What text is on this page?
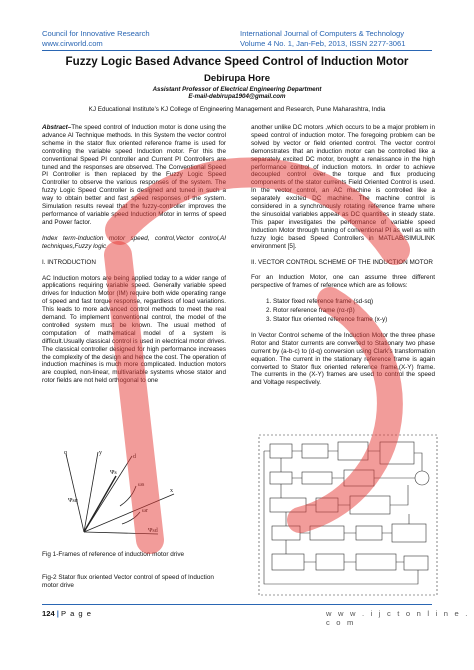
Council for Innovative Research
www.cirworld.com
International Journal of Computers & Technology
Volume 4 No. 1, Jan-Feb, 2013, ISSN 2277-3061
Fuzzy Logic Based Advance Speed Control of Induction Motor
Debirupa Hore
Assistant Professor of Electrical Engineering Department
E-mail-debirupa1904@gmail.com
KJ Educational Institute’s KJ College of Engineering Management and Research, Pune Maharashtra, India

Abstract–The speed control of Induction motor is done using the advance AI Technique methods. In this System the vector control scheme in the stator flux oriented reference frame is used for controlling the variable speed Induction motor. For this the conventional Speed PI controller and Current PI Controllers are tuned and the responses are observed. The Conventional Speed PI Controller is then replaced by the Fuzzy Logic Speed Controller to observe the various responses of the system. The fuzzy Logic Speed Controller is designed and tuned in such a way to obtain better and fast speed responses of the system. Simulation results reveal that the fuzzy-controller improves the performance of variable speed Induction Motor in terms of speed and Power factor.

Index term-Induction motor speed, control,Vector control,AI techniques,Fuzzy logic

I. INTRODUCTION

AC Induction motors are being applied today to a wider range of applications requiring variable speed. Generally variable speed drives for Induction Motor (IM) require both wide operating range of speed and fast torque response, regardless of load variations. This leads to more advanced control methods to meet the real demand. To implement conventional control, the model of the controlled system must be known. The usual method of computation of mathematical model of a system is difficult.Usually classical control is used in electrical motor drives. The classical controller designed for high performance increases the complexity of the design and hence the cost. The operation of induction machines is much more complicated. Induction motors are coupled, non-linear, multivariable systems whose stator and rotor fields are not held orthogonal to one

q	y
d
x
Ψs
Ψsq
Ψsd
ωs
ωr
Fig 1-Frames of reference of induction motor drive
Fig-2 Stator flux oriented Vector control of speed of Induction motor drive

another unlike DC motors ,which occurs to be a major problem in speed control of induction motor. The foregoing problem can be solved by vector or field oriented control. The vector control demonstrates that an induction motor can be controlled like a separately excited DC motor, brought a renaissance in the high performance control of induction motors. In order to achieve decoupled control over the torque and flux producing components of the stator currents Field Oriented Control is used. In the vector control, an AC machine is controlled like a separately excited DC machine. The machine control is considered in a synchronously rotating reference frame where the sinusoidal variables appear as DC quantities in steady state. This paper investigates the performance of variable speed Induction Motor through tuning of conventional PI as well as with fuzzy logic based Speed Controllers in MATLAB/SIMULINK environment [5].

II. VECTOR CONTROL SCHEME OF THE INDUCTION MOTOR

For an Induction Motor, one can assume three different perspective of frames of reference which are as follows:

1. Stator fixed reference frame (sd-sq)
2. Rotor reference frame (rα-rβ)
3. Stator flux oriented reference frame (x-y)

In Vector Control scheme of the Induction Motor the three phase Rotor and Stator currents are converted to Stationary two phase current by (a-b-c) to (d-q) conversion using Clark’s transformation equation. The current in the stationary reference frame is again converted to Stator flux oriented reference frame,(X-Y) frame. The currents in the (X-Y) frames are used to control the speed and Voltage respectively.

124 | P a g e	w w w . i j c t o n l i n e . c o m
